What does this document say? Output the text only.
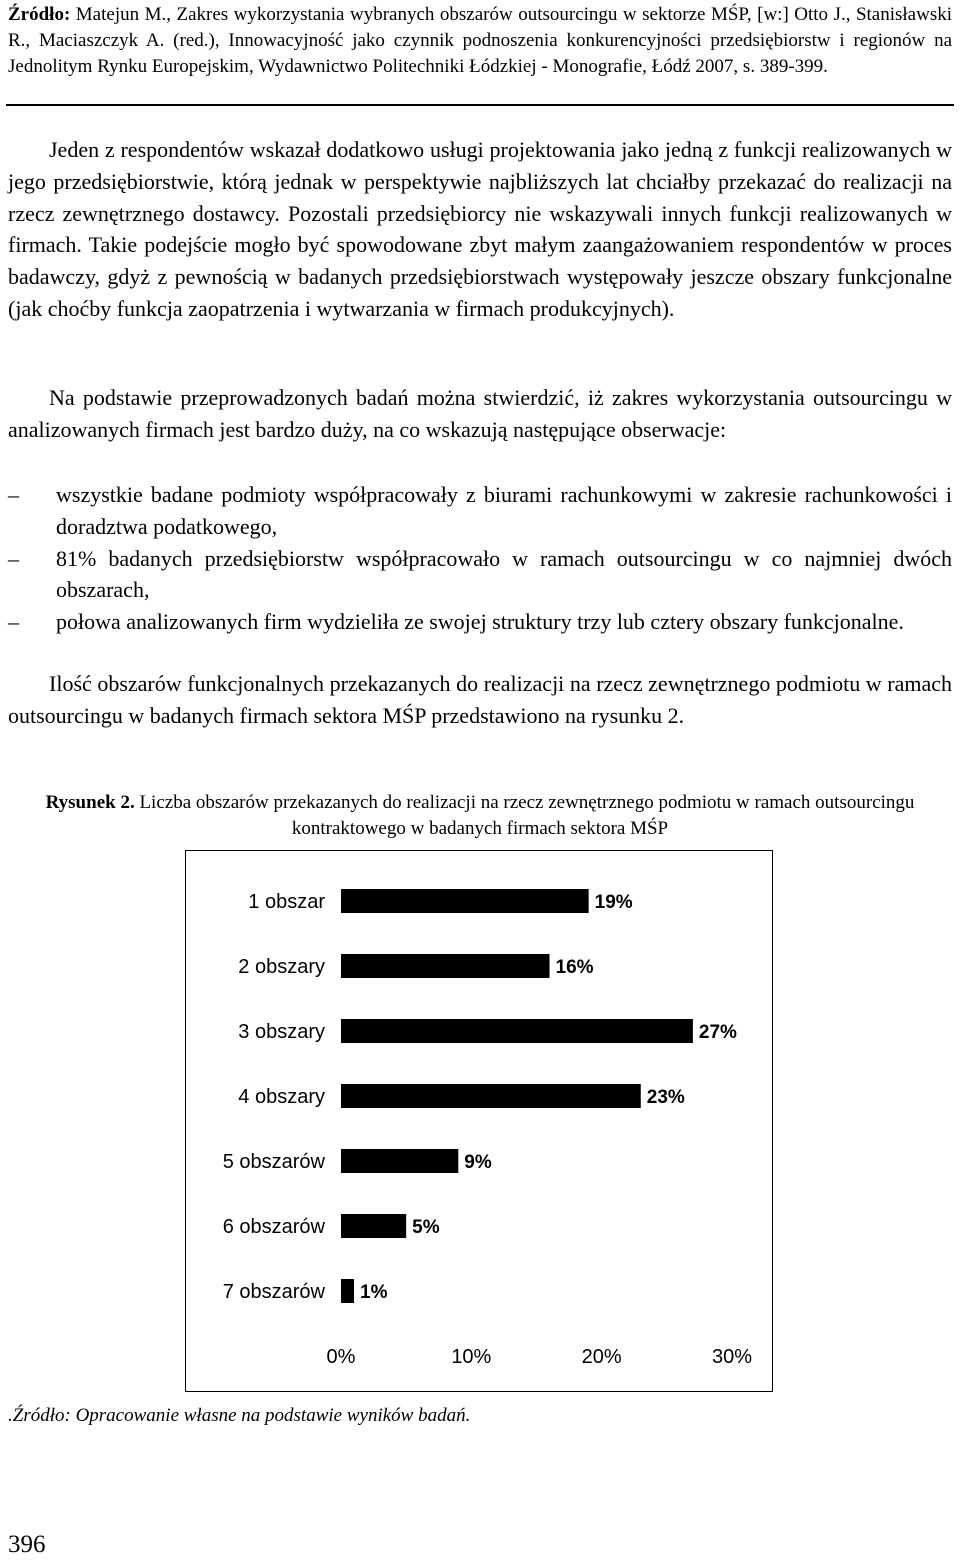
Źródło: Matejun M., Zakres wykorzystania wybranych obszarów outsourcingu w sektorze MŚP, [w:] Otto J., Stanisławski R., Maciaszczyk A. (red.), Innowacyjność jako czynnik podnoszenia konkurencyjności przedsiębiorstw i regionów na Jednolitym Rynku Europejskim, Wydawnictwo Politechniki Łódzkiej - Monografie, Łódź 2007, s. 389-399.
Jeden z respondentów wskazał dodatkowo usługi projektowania jako jedną z funkcji realizowanych w jego przedsiębiorstwie, którą jednak w perspektywie najbliższych lat chciałby przekazać do realizacji na rzecz zewnętrznego dostawcy. Pozostali przedsiębiorcy nie wskazywali innych funkcji realizowanych w firmach. Takie podejście mogło być spowodowane zbyt małym zaangażowaniem respondentów w proces badawczy, gdyż z pewnością w badanych przedsiębiorstwach występowały jeszcze obszary funkcjonalne (jak choćby funkcja zaopatrzenia i wytwarzania w firmach produkcyjnych).
Na podstawie przeprowadzonych badań można stwierdzić, iż zakres wykorzystania outsourcingu w analizowanych firmach jest bardzo duży, na co wskazują następujące obserwacje:
– wszystkie badane podmioty współpracowały z biurami rachunkowymi w zakresie rachunkowości i doradztwa podatkowego,
– 81% badanych przedsiębiorstw współpracowało w ramach outsourcingu w co najmniej dwóch obszarach,
– połowa analizowanych firm wydzieliła ze swojej struktury trzy lub cztery obszary funkcjonalne.
Ilość obszarów funkcjonalnych przekazanych do realizacji na rzecz zewnętrznego podmiotu w ramach outsourcingu w badanych firmach sektora MŚP przedstawiono na rysunku 2.
Rysunek 2. Liczba obszarów przekazanych do realizacji na rzecz zewnętrznego podmiotu w ramach outsourcingu kontraktowego w badanych firmach sektora MŚP
1 obszar	19%
2 obszary	16%
3 obszary	27%
4 obszary	23%
5 obszarów	9%
6 obszarów	5%
7 obszarów 1%
0%	10%	20%	30%
.Źródło: Opracowanie własne na podstawie wyników badań.
396
